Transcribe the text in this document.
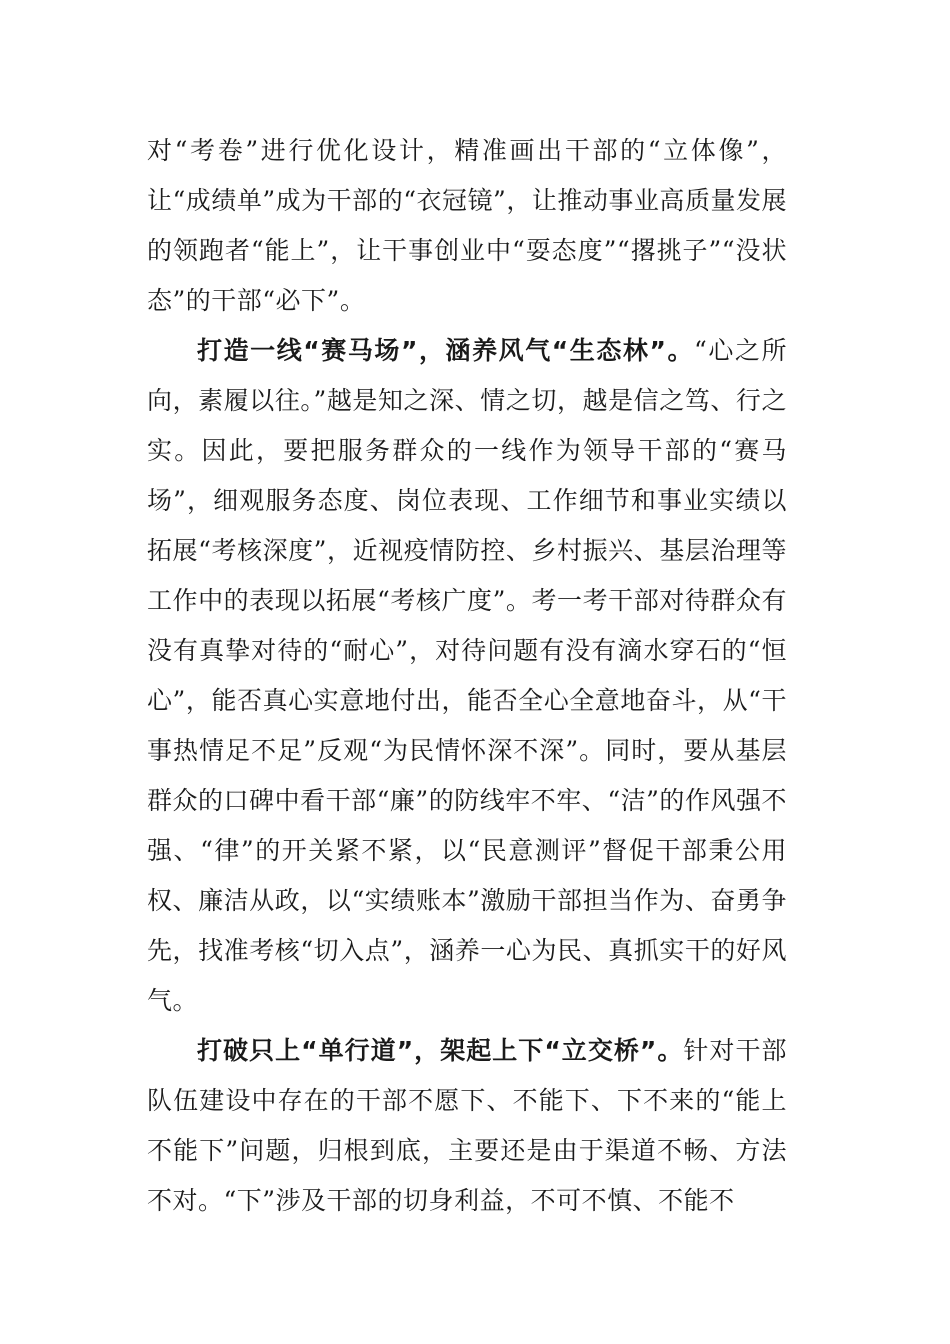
对“考卷”进行优化设计，精准画出干部的“立体像”，让“成绩单”成为干部的“衣冠镜”，让推动事业高质量发展的领跑者“能上”，让干事创业中“耍态度”“撂挑子”“没状态”的干部“必下”。

打造一线“赛马场”，涵养风气“生态林”。“心之所向，素履以往。”越是知之深、情之切，越是信之笃、行之实。因此，要把服务群众的一线作为领导干部的“赛马场”，细观服务态度、岗位表现、工作细节和事业实绩以拓展“考核深度”，近视疫情防控、乡村振兴、基层治理等工作中的表现以拓展“考核广度”。考一考干部对待群众有没有真挚对待的“耐心”，对待问题有没有滴水穿石的“恒心”，能否真心实意地付出，能否全心全意地奋斗，从“干事热情足不足”反观“为民情怀深不深”。同时，要从基层群众的口碑中看干部“廉”的防线牢不牢、“洁”的作风强不强、“律”的开关紧不紧，以“民意测评”督促干部秉公用权、廉洁从政，以“实绩账本”激励干部担当作为、奋勇争先，找准考核“切入点”，涵养一心为民、真抓实干的好风气。

打破只上“单行道”，架起上下“立交桥”。针对干部队伍建设中存在的干部不愿下、不能下、下不来的“能上不能下”问题，归根到底，主要还是由于渠道不畅、方法不对。“下”涉及干部的切身利益，不可不慎、不能不
